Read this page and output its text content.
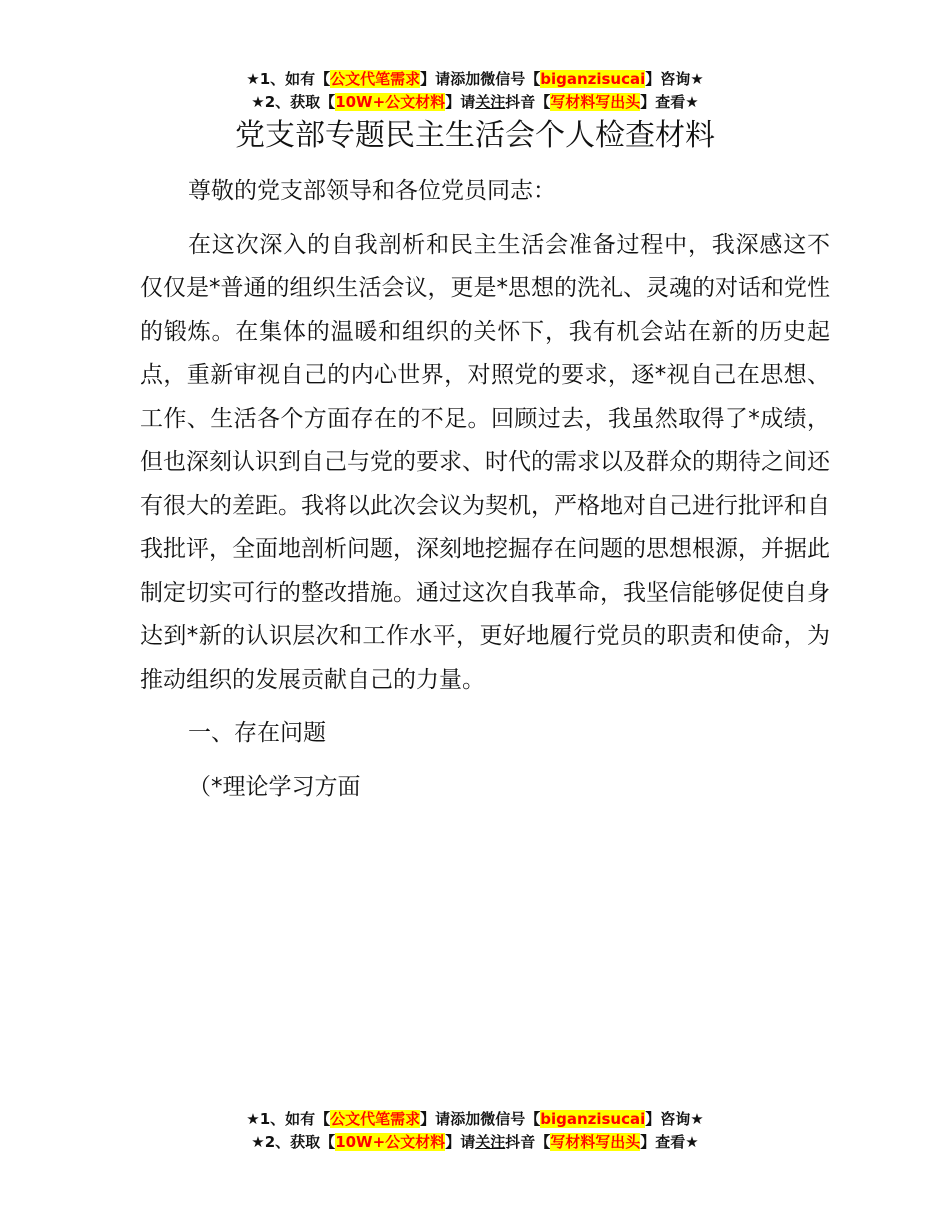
★1、如有【公文代笔需求】请添加微信号【biganzisucai】咨询★
★2、获取【10W+公文材料】请关注抖音【写材料写出头】查看★
党支部专题民主生活会个人检查材料

尊敬的党支部领导和各位党员同志：

在这次深入的自我剖析和民主生活会准备过程中，我深感这不仅仅是*普通的组织生活会议，更是*思想的洗礼、灵魂的对话和党性的锻炼。在集体的温暖和组织的关怀下，我有机会站在新的历史起点，重新审视自己的内心世界，对照党的要求，逐*视自己在思想、工作、生活各个方面存在的不足。回顾过去，我虽然取得了*成绩，但也深刻认识到自己与党的要求、时代的需求以及群众的期待之间还有很大的差距。我将以此次会议为契机，严格地对自己进行批评和自我批评，全面地剖析问题，深刻地挖掘存在问题的思想根源，并据此制定切实可行的整改措施。通过这次自我革命，我坚信能够促使自身达到*新的认识层次和工作水平，更好地履行党员的职责和使命，为推动组织的发展贡献自己的力量。

一、存在问题

（*理论学习方面

★1、如有【公文代笔需求】请添加微信号【biganzisucai】咨询★
★2、获取【10W+公文材料】请关注抖音【写材料写出头】查看★
